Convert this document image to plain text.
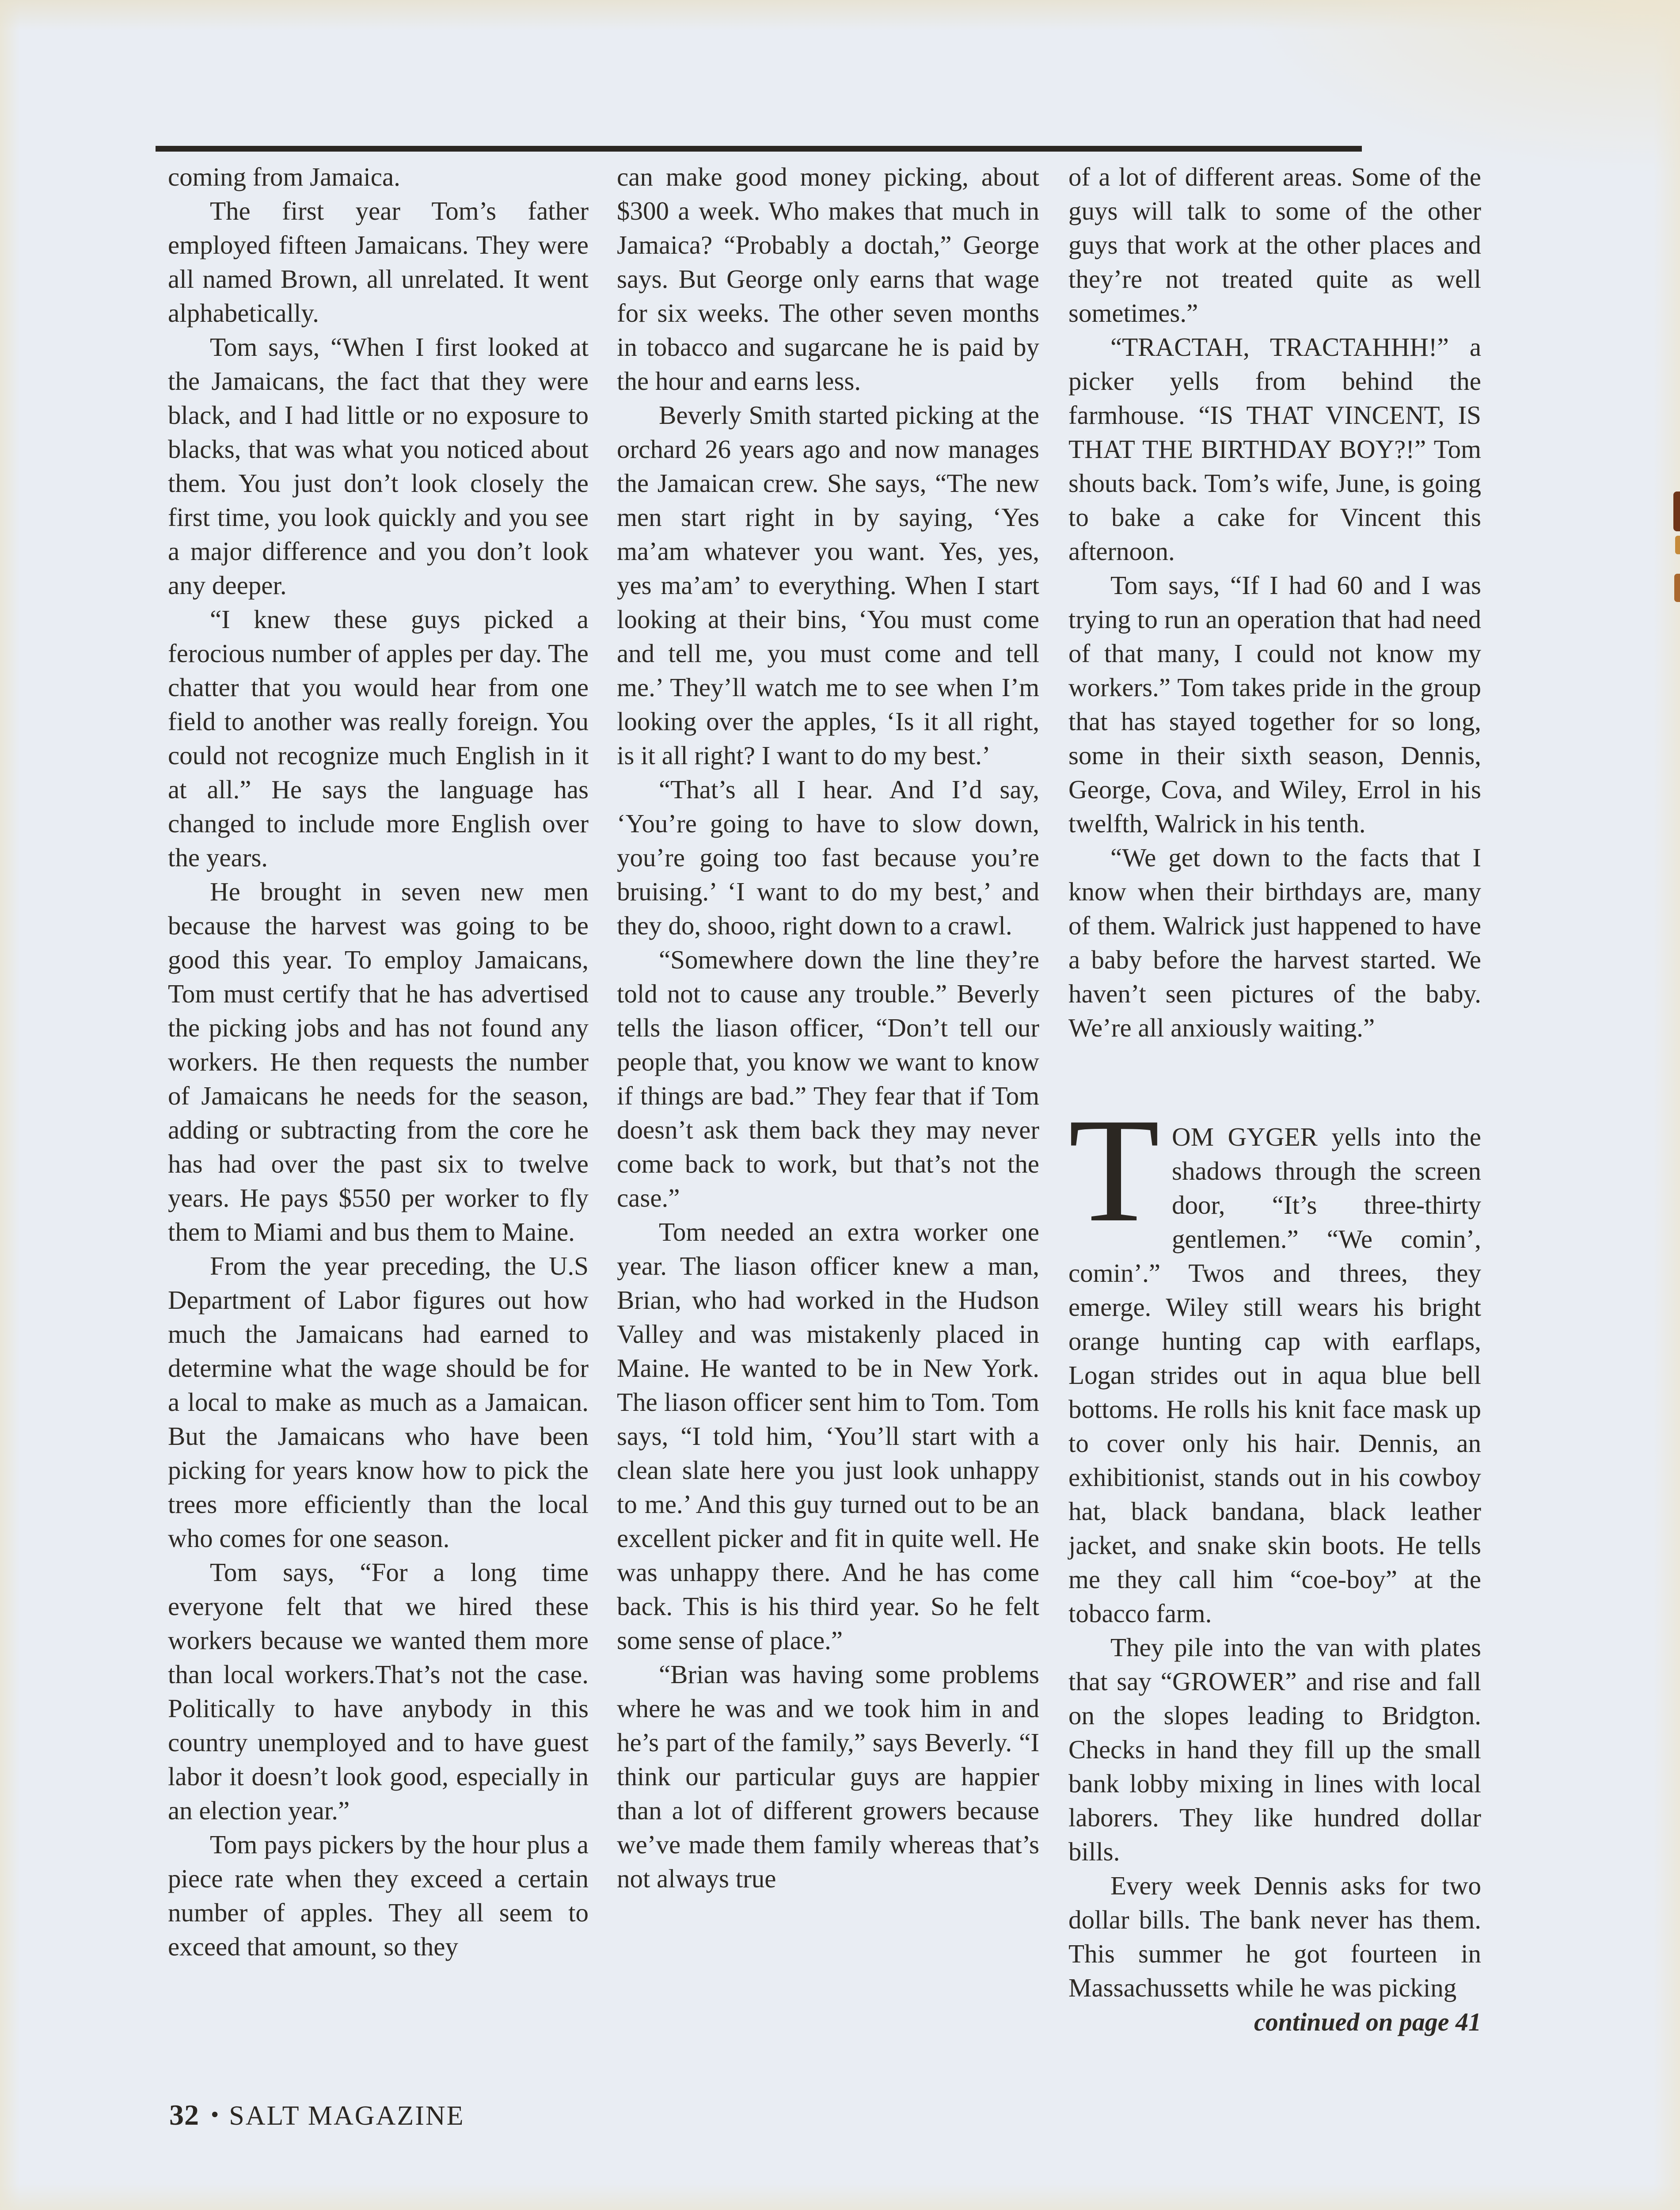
coming from Jamaica.

The first year Tom’s father employed fifteen Jamaicans. They were all named Brown, all unrelated. It went alphabetically.

Tom says, “When I first looked at the Jamaicans, the fact that they were black, and I had little or no exposure to blacks, that was what you noticed about them. You just don’t look closely the first time, you look quickly and you see a major difference and you don’t look any deeper.

“I knew these guys picked a ferocious number of apples per day. The chatter that you would hear from one field to another was really foreign. You could not recognize much English in it at all.” He says the language has changed to include more English over the years.

He brought in seven new men because the harvest was going to be good this year. To employ Jamaicans, Tom must certify that he has advertised the picking jobs and has not found any workers. He then requests the number of Jamaicans he needs for the season, adding or subtracting from the core he has had over the past six to twelve years. He pays $550 per worker to fly them to Miami and bus them to Maine.

From the year preceding, the U.S Department of Labor figures out how much the Jamaicans had earned to determine what the wage should be for a local to make as much as a Jamaican. But the Jamaicans who have been picking for years know how to pick the trees more efficiently than the local who comes for one season.

Tom says, “For a long time everyone felt that we hired these workers because we wanted them more than local workers.That’s not the case. Politically to have anybody in this country unemployed and to have guest labor it doesn’t look good, especially in an election year.”

Tom pays pickers by the hour plus a piece rate when they exceed a certain number of apples. They all seem to exceed that amount, so they

can make good money picking, about $300 a week. Who makes that much in Jamaica? “Probably a doctah,” George says. But George only earns that wage for six weeks. The other seven months in tobacco and sugarcane he is paid by the hour and earns less.

Beverly Smith started picking at the orchard 26 years ago and now manages the Jamaican crew. She says, “The new men start right in by saying, ‘Yes ma’am whatever you want. Yes, yes, yes ma’am’ to everything. When I start looking at their bins, ‘You must come and tell me, you must come and tell me.’ They’ll watch me to see when I’m looking over the apples, ‘Is it all right, is it all right? I want to do my best.’

“That’s all I hear. And I’d say, ‘You’re going to have to slow down, you’re going too fast because you’re bruising.’ ‘I want to do my best,’ and they do, shooo, right down to a crawl.

“Somewhere down the line they’re told not to cause any trouble.” Beverly tells the liason officer, “Don’t tell our people that, you know we want to know if things are bad.” They fear that if Tom doesn’t ask them back they may never come back to work, but that’s not the case.”

Tom needed an extra worker one year. The liason officer knew a man, Brian, who had worked in the Hudson Valley and was mistakenly placed in Maine. He wanted to be in New York. The liason officer sent him to Tom. Tom says, “I told him, ‘You’ll start with a clean slate here you just look unhappy to me.’ And this guy turned out to be an excellent picker and fit in quite well. He was unhappy there. And he has come back. This is his third year. So he felt some sense of place.”

“Brian was having some problems where he was and we took him in and he’s part of the family,” says Beverly. “I think our particular guys are happier than a lot of different growers because we’ve made them family whereas that’s not always true

of a lot of different areas. Some of the guys will talk to some of the other guys that work at the other places and they’re not treated quite as well sometimes.”

“TRACTAH, TRACTAHHH!” a picker yells from behind the farmhouse. “IS THAT VINCENT, IS THAT THE BIRTHDAY BOY?!” Tom shouts back. Tom’s wife, June, is going to bake a cake for Vincent this afternoon.

Tom says, “If I had 60 and I was trying to run an operation that had need of that many, I could not know my workers.” Tom takes pride in the group that has stayed together for so long, some in their sixth season, Dennis, George, Cova, and Wiley, Errol in his twelfth, Walrick in his tenth.

“We get down to the facts that I know when their birthdays are, many of them. Walrick just happened to have a baby before the harvest started. We haven’t seen pictures of the baby. We’re all anxiously waiting.”

TOM GYGER yells into the shadows through the screen door, “It’s three-thirty gentlemen.” “We comin’, comin’.” Twos and threes, they emerge. Wiley still wears his bright orange hunting cap with earflaps, Logan strides out in aqua blue bell bottoms. He rolls his knit face mask up to cover only his hair. Dennis, an exhibitionist, stands out in his cowboy hat, black bandana, black leather jacket, and snake skin boots. He tells me they call him “coe-boy” at the tobacco farm.

They pile into the van with plates that say “GROWER” and rise and fall on the slopes leading to Bridgton. Checks in hand they fill up the small bank lobby mixing in lines with local laborers. They like hundred dollar bills.

Every week Dennis asks for two dollar bills. The bank never has them. This summer he got fourteen in Massachussetts while he was picking

continued on page 41

32 • SALT MAGAZINE
